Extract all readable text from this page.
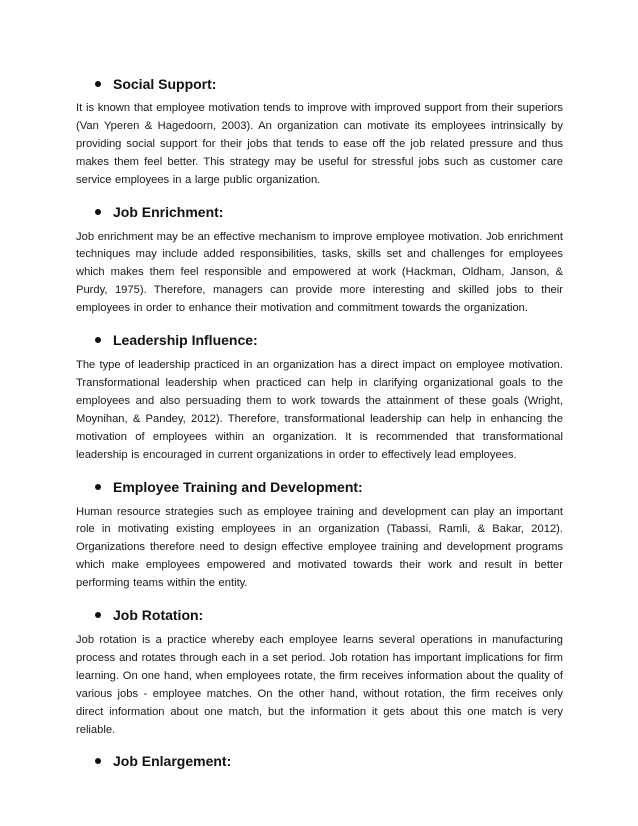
Social Support:

It is known that employee motivation tends to improve with improved support from their superiors (Van Yperen & Hagedoorn, 2003). An organization can motivate its employees intrinsically by providing social support for their jobs that tends to ease off the job related pressure and thus makes them feel better. This strategy may be useful for stressful jobs such as customer care service employees in a large public organization.

Job Enrichment:

Job enrichment may be an effective mechanism to improve employee motivation. Job enrichment techniques may include added responsibilities, tasks, skills set and challenges for employees which makes them feel responsible and empowered at work (Hackman, Oldham, Janson, & Purdy, 1975). Therefore, managers can provide more interesting and skilled jobs to their employees in order to enhance their motivation and commitment towards the organization.

Leadership Influence:

The type of leadership practiced in an organization has a direct impact on employee motivation. Transformational leadership when practiced can help in clarifying organizational goals to the employees and also persuading them to work towards the attainment of these goals (Wright, Moynihan, & Pandey, 2012). Therefore, transformational leadership can help in enhancing the motivation of employees within an organization. It is recommended that transformational leadership is encouraged in current organizations in order to effectively lead employees.

Employee Training and Development:

Human resource strategies such as employee training and development can play an important role in motivating existing employees in an organization (Tabassi, Ramli, & Bakar, 2012). Organizations therefore need to design effective employee training and development programs which make employees empowered and motivated towards their work and result in better performing teams within the entity.

Job Rotation:

Job rotation is a practice whereby each employee learns several operations in manufacturing process and rotates through each in a set period. Job rotation has important implications for firm learning. On one hand, when employees rotate, the firm receives information about the quality of various jobs - employee matches. On the other hand, without rotation, the firm receives only direct information about one match, but the information it gets about this one match is very reliable.

Job Enlargement:
